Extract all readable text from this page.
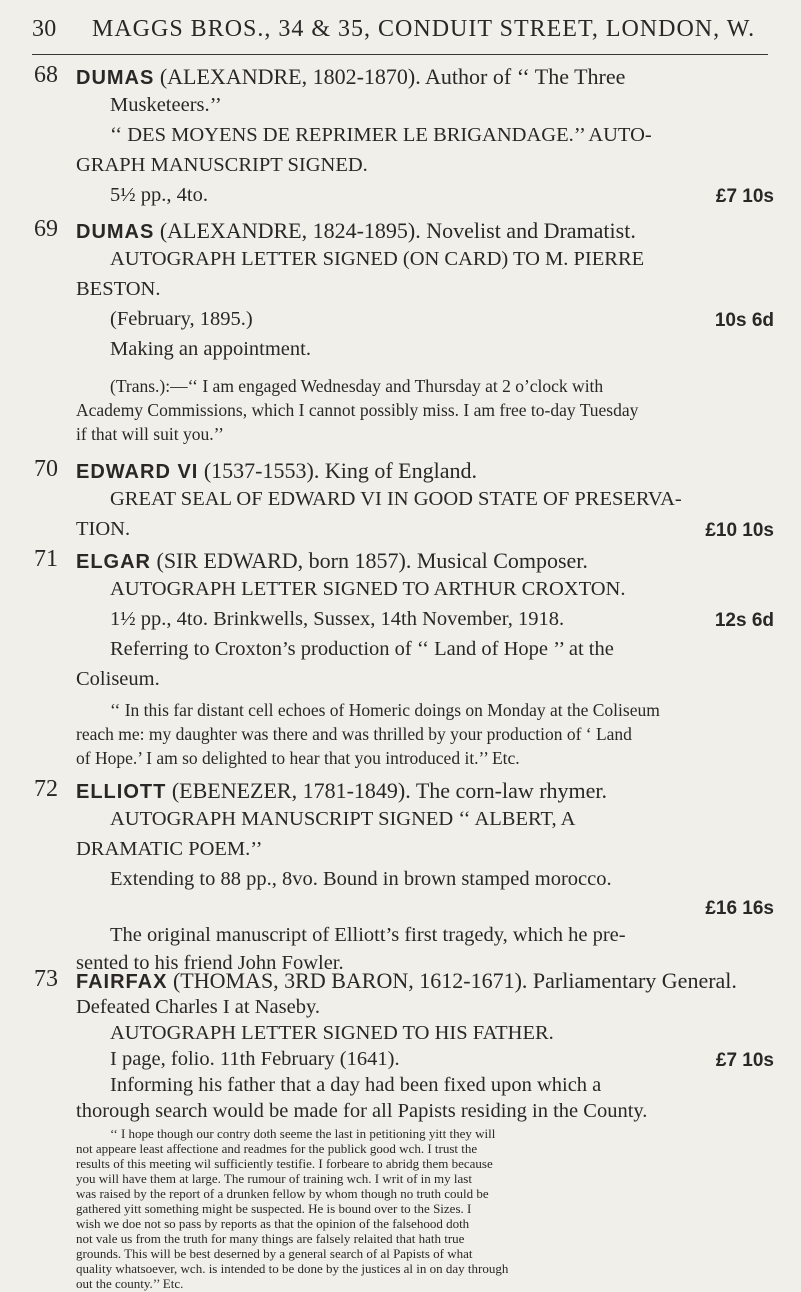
30	MAGGS BROS., 34 & 35, CONDUIT STREET, LONDON, W.
68 DUMAS (ALEXANDRE, 1802-1870). Author of ‘‘ The Three
Musketeers.’’
‘‘ DES MOYENS DE REPRIMER LE BRIGANDAGE.’’ AUTO-
GRAPH MANUSCRIPT SIGNED.
5½ pp., 4to.	£7 10s
69 DUMAS (ALEXANDRE, 1824-1895). Novelist and Dramatist.
AUTOGRAPH LETTER SIGNED (ON CARD) TO M. PIERRE
BESTON.
(February, 1895.)	10s 6d
Making an appointment.
(Trans.):—‘‘ I am engaged Wednesday and Thursday at 2 o’clock with
Academy Commissions, which I cannot possibly miss. I am free to-day Tuesday
if that will suit you.’’
70 EDWARD VI (1537-1553). King of England.
GREAT SEAL OF EDWARD VI IN GOOD STATE OF PRESERVA-
TION.	£10 10s
71 ELGAR (SIR EDWARD, born 1857). Musical Composer.
AUTOGRAPH LETTER SIGNED TO ARTHUR CROXTON.
1½ pp., 4to. Brinkwells, Sussex, 14th November, 1918.	12s 6d
Referring to Croxton’s production of ‘‘ Land of Hope ’’ at the
Coliseum.
‘‘ In this far distant cell echoes of Homeric doings on Monday at the Coliseum
reach me: my daughter was there and was thrilled by your production of ‘ Land
of Hope.’ I am so delighted to hear that you introduced it.’’ Etc.
72 ELLIOTT (EBENEZER, 1781-1849). The corn-law rhymer.
AUTOGRAPH MANUSCRIPT SIGNED ‘‘ ALBERT, A
DRAMATIC POEM.’’
Extending to 88 pp., 8vo. Bound in brown stamped morocco.
£16 16s
The original manuscript of Elliott’s first tragedy, which he pre-
sented to his friend John Fowler.
73 FAIRFAX (THOMAS, 3RD BARON, 1612-1671). Parliamentary General.
Defeated Charles I at Naseby.
AUTOGRAPH LETTER SIGNED TO HIS FATHER.
I page, folio. 11th February (1641).	£7 10s
Informing his father that a day had been fixed upon which a
thorough search would be made for all Papists residing in the County.
‘‘ I hope though our contry doth seeme the last in petitioning yitt they will
not appeare least affectione and readmes for the publick good wch. I trust the
results of this meeting wil sufficiently testifie. I forbeare to abridg them because
you will have them at large. The rumour of training wch. I writ of in my last
was raised by the report of a drunken fellow by whom though no truth could be
gathered yitt something might be suspected. He is bound over to the Sizes. I
wish we doe not so pass by reports as that the opinion of the falsehood doth
not vale us from the truth for many things are falsely relaited that hath true
grounds. This will be best deserned by a general search of al Papists of what
quality whatsoever, wch. is intended to be done by the justices al in on day through
out the county.’’ Etc.
